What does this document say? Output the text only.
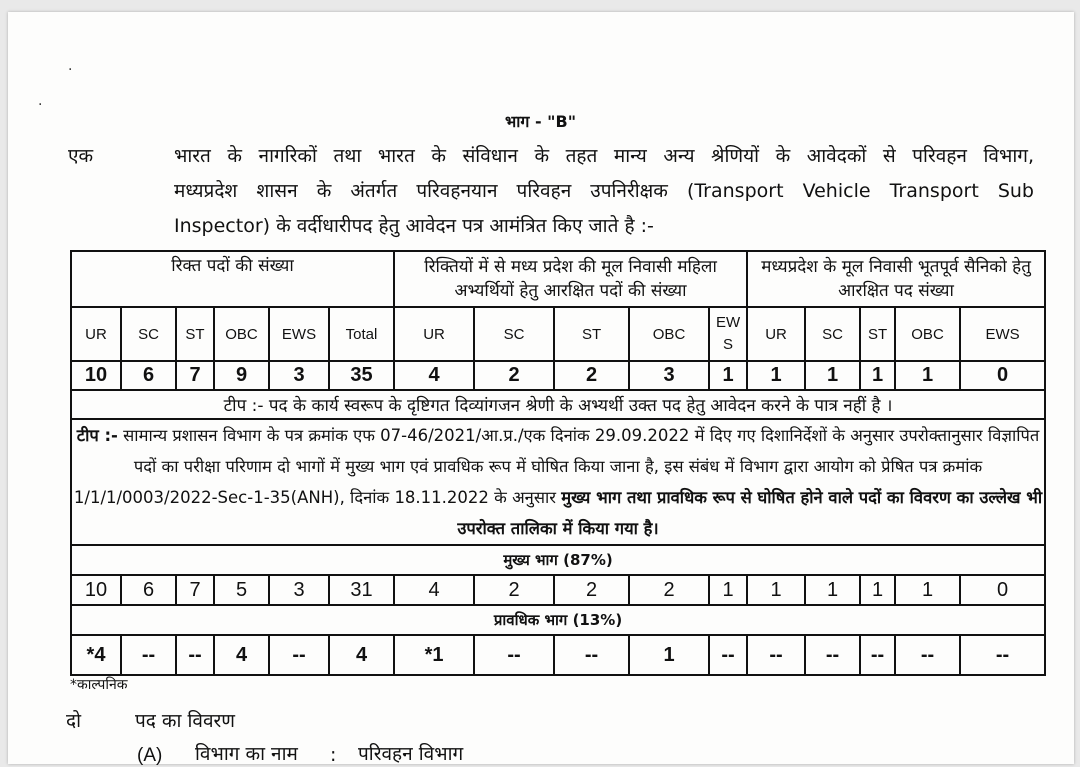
·
·
भाग - "B"
एक	भारत के नागरिकों तथा भारत के संविधान के तहत मान्य अन्य श्रेणियों के आवेदकों से परिवहन विभाग,
मध्यप्रदेश शासन के अंतर्गत परिवहनयान परिवहन उपनिरीक्षक (Transport Vehicle Transport Sub
Inspector) के वर्दीधारीपद हेतु आवेदन पत्र आमंत्रित किए जाते है :-
रिक्त पदों की संख्या						रिक्तियों में से मध्य प्रदेश की मूल निवासी महिला अभ्यर्थियों हेतु आरक्षित पदों की संख्या					मध्यप्रदेश के मूल निवासी भूतपूर्व सैनिको हेतु आरक्षित पद संख्या				
UR	SC	ST	OBC	EWS	Total	UR	SC	ST	OBC	EW S	UR	SC	ST	OBC	EWS
10	6	7	9	3	35	4	2	2	3	1	1	1	1	1	0
टीप :- पद के कार्य स्वरूप के दृष्टिगत दिव्यांगजन श्रेणी के अभ्यर्थी उक्त पद हेतु आवेदन करने के पात्र नहीं है ।															
टीप :- सामान्य प्रशासन विभाग के पत्र क्रमांक एफ 07-46/2021/आ.प्र./एक दिनांक 29.09.2022 में दिए गए दिशानिर्देशों के अनुसार उपरोक्तानुसार विज्ञापित पदों का परीक्षा परिणाम दो भागों में मुख्य भाग एवं प्रावधिक रूप में घोषित किया जाना है, इस संबंध में विभाग द्वारा आयोग को प्रेषित पत्र क्रमांक 1/1/1/0003/2022-Sec-1-35(ANH), दिनांक 18.11.2022 के अनुसार मुख्य भाग तथा प्रावधिक रूप से घोषित होने वाले पदों का विवरण का उल्लेख भी उपरोक्त तालिका में किया गया है।															
मुख्य भाग (87%)															
10	6	7	5	3	31	4	2	2	2	1	1	1	1	1	0
प्रावधिक भाग (13%)															
*4	--	--	4	--	4	*1	--	--	1	--	--	--	--	--	--
*काल्पनिक
दो	पद का विवरण
(A) विभाग का नाम : परिवहन विभाग
